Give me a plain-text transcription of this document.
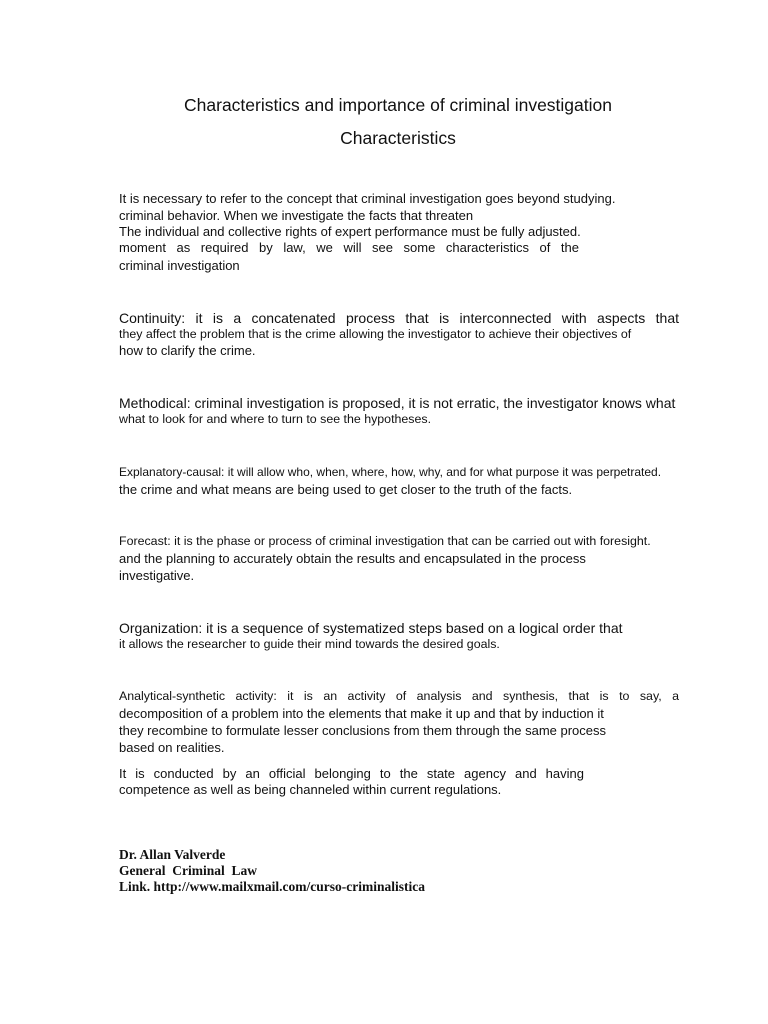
Characteristics and importance of criminal investigation
Characteristics
It is necessary to refer to the concept that criminal investigation goes beyond studying.
criminal behavior. When we investigate the facts that threaten
The individual and collective rights of expert performance must be fully adjusted.
moment as required by law, we will see some characteristics of the
criminal investigation
Continuity: it is a concatenated process that is interconnected with aspects that
they affect the problem that is the crime allowing the investigator to achieve their objectives of
how to clarify the crime.
Methodical: criminal investigation is proposed, it is not erratic, the investigator knows what
what to look for and where to turn to see the hypotheses.
Explanatory-causal: it will allow who, when, where, how, why, and for what purpose it was perpetrated.
the crime and what means are being used to get closer to the truth of the facts.
Forecast: it is the phase or process of criminal investigation that can be carried out with foresight.
and the planning to accurately obtain the results and encapsulated in the process
investigative.
Organization: it is a sequence of systematized steps based on a logical order that
it allows the researcher to guide their mind towards the desired goals.
Analytical-synthetic activity: it is an activity of analysis and synthesis, that is to say, a
decomposition of a problem into the elements that make it up and that by induction it
they recombine to formulate lesser conclusions from them through the same process
based on realities.
It is conducted by an official belonging to the state agency and having
competence as well as being channeled within current regulations.
Dr. Allan Valverde
General  Criminal  Law
Link. http://www.mailxmail.com/curso-criminalistica
